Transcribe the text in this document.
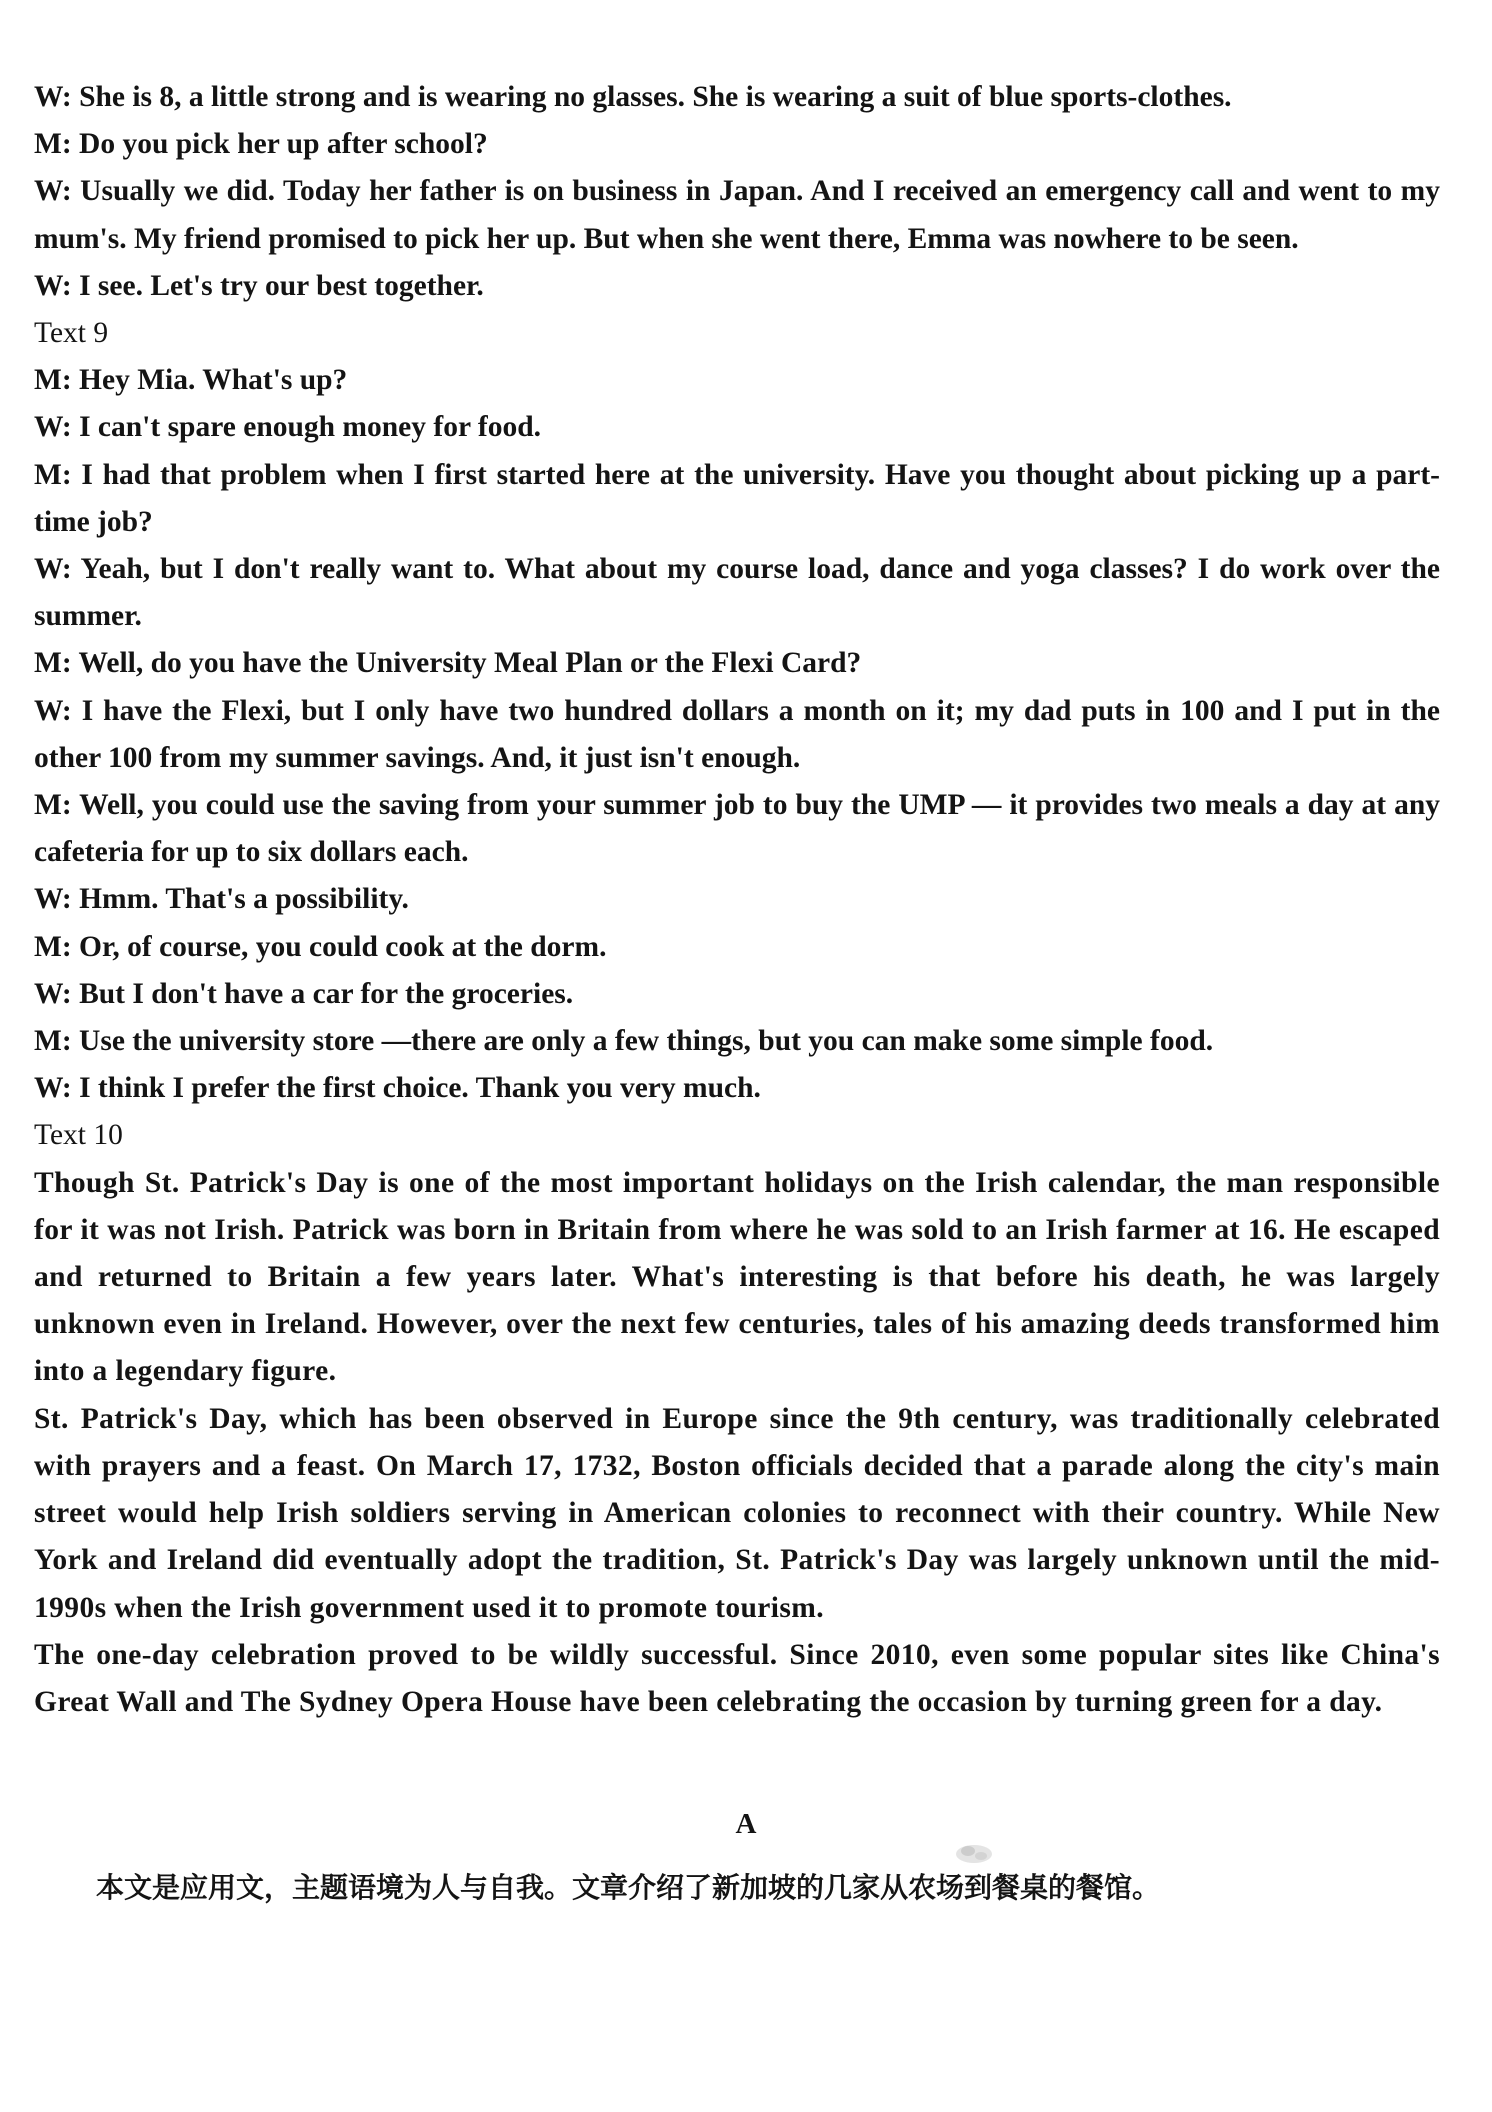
W: She is 8, a little strong and is wearing no glasses. She is wearing a suit of blue sports-clothes.

M: Do you pick her up after school?

W: Usually we did. Today her father is on business in Japan. And I received an emergency call and went to my mum's. My friend promised to pick her up. But when she went there, Emma was nowhere to be seen.

W: I see. Let's try our best together.

Text 9

M: Hey Mia. What's up?

W: I can't spare enough money for food.

M: I had that problem when I first started here at the university. Have you thought about picking up a part-time job?

W: Yeah, but I don't really want to. What about my course load, dance and yoga classes? I do work over the summer.

M: Well, do you have the University Meal Plan or the Flexi Card?

W: I have the Flexi, but I only have two hundred dollars a month on it; my dad puts in 100 and I put in the other 100 from my summer savings. And, it just isn't enough.

M: Well, you could use the saving from your summer job to buy the UMP — it provides two meals a day at any cafeteria for up to six dollars each.

W: Hmm. That's a possibility.

M: Or, of course, you could cook at the dorm.

W: But I don't have a car for the groceries.

M: Use the university store —there are only a few things, but you can make some simple food.

W: I think I prefer the first choice. Thank you very much.

Text 10

Though St. Patrick's Day is one of the most important holidays on the Irish calendar, the man responsible for it was not Irish. Patrick was born in Britain from where he was sold to an Irish farmer at 16. He escaped and returned to Britain a few years later. What's interesting is that before his death, he was largely unknown even in Ireland. However, over the next few centuries, tales of his amazing deeds transformed him into a legendary figure.

St. Patrick's Day, which has been observed in Europe since the 9th century, was traditionally celebrated with prayers and a feast. On March 17, 1732, Boston officials decided that a parade along the city's main street would help Irish soldiers serving in American colonies to reconnect with their country. While New York and Ireland did eventually adopt the tradition, St. Patrick's Day was largely unknown until the mid-1990s when the Irish government used it to promote tourism.

The one-day celebration proved to be wildly successful. Since 2010, even some popular sites like China's Great Wall and The Sydney Opera House have been celebrating the occasion by turning green for a day.

A
本文是应用文，主题语境为人与自我。文章介绍了新加坡的几家从农场到餐桌的餐馆。
